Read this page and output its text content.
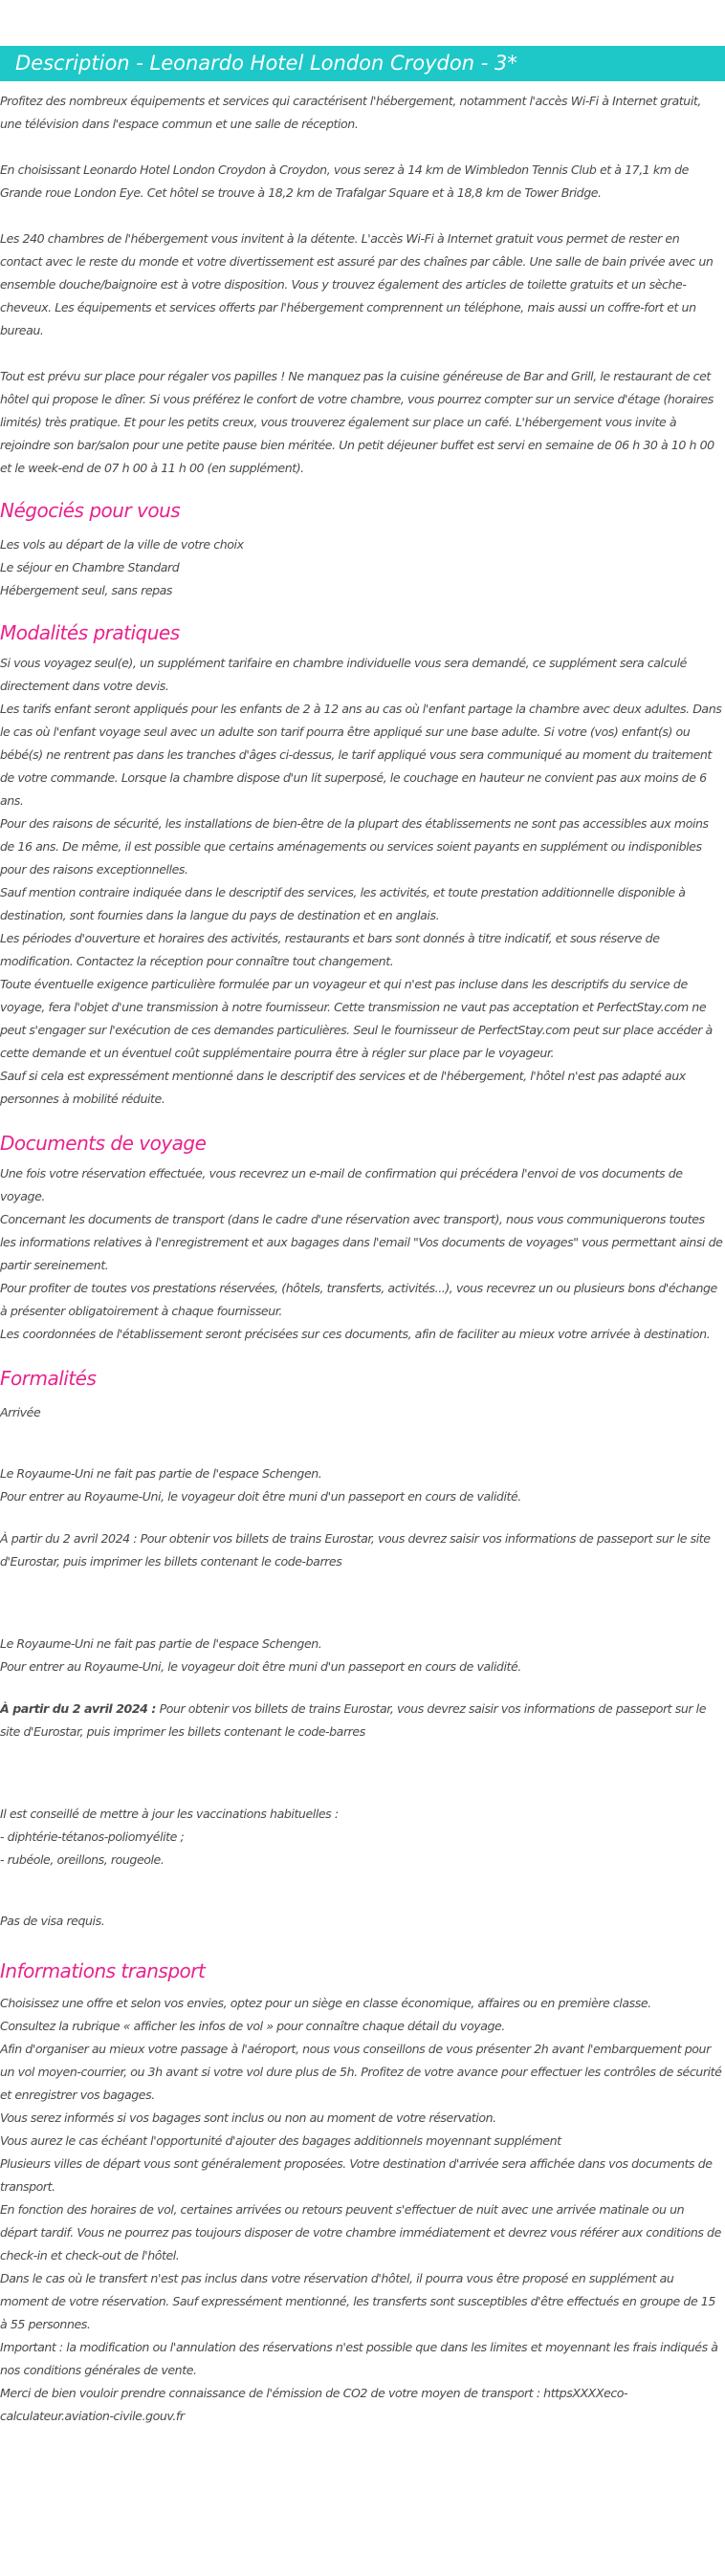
Description - Leonardo Hotel London Croydon - 3*

Profitez des nombreux équipements et services qui caractérisent l'hébergement, notamment l'accès Wi-Fi à Internet gratuit, une télévision dans l'espace commun et une salle de réception.

En choisissant Leonardo Hotel London Croydon à Croydon, vous serez à 14 km de Wimbledon Tennis Club et à 17,1 km de Grande roue London Eye. Cet hôtel se trouve à 18,2 km de Trafalgar Square et à 18,8 km de Tower Bridge.

Les 240 chambres de l'hébergement vous invitent à la détente. L'accès Wi-Fi à Internet gratuit vous permet de rester en contact avec le reste du monde et votre divertissement est assuré par des chaînes par câble. Une salle de bain privée avec un ensemble douche/baignoire est à votre disposition. Vous y trouvez également des articles de toilette gratuits et un sèche-cheveux. Les équipements et services offerts par l'hébergement comprennent un téléphone, mais aussi un coffre-fort et un bureau.

Tout est prévu sur place pour régaler vos papilles ! Ne manquez pas la cuisine généreuse de Bar and Grill, le restaurant de cet hôtel qui propose le dîner. Si vous préférez le confort de votre chambre, vous pourrez compter sur un service d'étage (horaires limités) très pratique. Et pour les petits creux, vous trouverez également sur place un café. L'hébergement vous invite à rejoindre son bar/salon pour une petite pause bien méritée. Un petit déjeuner buffet est servi en semaine de 06 h 30 à 10 h 00 et le week-end de 07 h 00 à 11 h 00 (en supplément).

Négociés pour vous

Les vols au départ de la ville de votre choix

Le séjour en Chambre Standard

Hébergement seul, sans repas

Modalités pratiques

Si vous voyagez seul(e), un supplément tarifaire en chambre individuelle vous sera demandé, ce supplément sera calculé directement dans votre devis.

Les tarifs enfant seront appliqués pour les enfants de 2 à 12 ans au cas où l'enfant partage la chambre avec deux adultes. Dans le cas où l'enfant voyage seul avec un adulte son tarif pourra être appliqué sur une base adulte. Si votre (vos) enfant(s) ou bébé(s) ne rentrent pas dans les tranches d'âges ci-dessus, le tarif appliqué vous sera communiqué au moment du traitement de votre commande. Lorsque la chambre dispose d'un lit superposé, le couchage en hauteur ne convient pas aux moins de 6 ans.

Pour des raisons de sécurité, les installations de bien-être de la plupart des établissements ne sont pas accessibles aux moins de 16 ans. De même, il est possible que certains aménagements ou services soient payants en supplément ou indisponibles pour des raisons exceptionnelles.

Sauf mention contraire indiquée dans le descriptif des services, les activités, et toute prestation additionnelle disponible à destination, sont fournies dans la langue du pays de destination et en anglais.

Les périodes d'ouverture et horaires des activités, restaurants et bars sont donnés à titre indicatif, et sous réserve de modification. Contactez la réception pour connaître tout changement.

Toute éventuelle exigence particulière formulée par un voyageur et qui n'est pas incluse dans les descriptifs du service de voyage, fera l'objet d'une transmission à notre fournisseur. Cette transmission ne vaut pas acceptation et PerfectStay.com ne peut s'engager sur l'exécution de ces demandes particulières. Seul le fournisseur de PerfectStay.com peut sur place accéder à cette demande et un éventuel coût supplémentaire pourra être à régler sur place par le voyageur.

Sauf si cela est expressément mentionné dans le descriptif des services et de l'hébergement, l'hôtel n'est pas adapté aux personnes à mobilité réduite.

Documents de voyage

Une fois votre réservation effectuée, vous recevrez un e-mail de confirmation qui précédera l'envoi de vos documents de voyage.

Concernant les documents de transport (dans le cadre d'une réservation avec transport), nous vous communiquerons toutes les informations relatives à l'enregistrement et aux bagages dans l'email "Vos documents de voyages" vous permettant ainsi de partir sereinement.

Pour profiter de toutes vos prestations réservées, (hôtels, transferts, activités...), vous recevrez un ou plusieurs bons d'échange à présenter obligatoirement à chaque fournisseur.

Les coordonnées de l'établissement seront précisées sur ces documents, afin de faciliter au mieux votre arrivée à destination.

Formalités

Arrivée

Le Royaume-Uni ne fait pas partie de l'espace Schengen.

Pour entrer au Royaume-Uni, le voyageur doit être muni d'un passeport en cours de validité.

À partir du 2 avril 2024 : Pour obtenir vos billets de trains Eurostar, vous devrez saisir vos informations de passeport sur le site d'Eurostar, puis imprimer les billets contenant le code-barres

Le Royaume-Uni ne fait pas partie de l'espace Schengen.

Pour entrer au Royaume-Uni, le voyageur doit être muni d'un passeport en cours de validité.

À partir du 2 avril 2024 : Pour obtenir vos billets de trains Eurostar, vous devrez saisir vos informations de passeport sur le site d'Eurostar, puis imprimer les billets contenant le code-barres

Il est conseillé de mettre à jour les vaccinations habituelles :

- diphtérie-tétanos-poliomyélite ;

- rubéole, oreillons, rougeole.

Pas de visa requis.

Informations transport

Choisissez une offre et selon vos envies, optez pour un siège en classe économique, affaires ou en première classe.

Consultez la rubrique « afficher les infos de vol » pour connaître chaque détail du voyage.

Afin d'organiser au mieux votre passage à l'aéroport, nous vous conseillons de vous présenter 2h avant l'embarquement pour un vol moyen-courrier, ou 3h avant si votre vol dure plus de 5h. Profitez de votre avance pour effectuer les contrôles de sécurité et enregistrer vos bagages.

Vous serez informés si vos bagages sont inclus ou non au moment de votre réservation.

Vous aurez le cas échéant l'opportunité d'ajouter des bagages additionnels moyennant supplément

Plusieurs villes de départ vous sont généralement proposées. Votre destination d'arrivée sera affichée dans vos documents de transport.

En fonction des horaires de vol, certaines arrivées ou retours peuvent s'effectuer de nuit avec une arrivée matinale ou un départ tardif. Vous ne pourrez pas toujours disposer de votre chambre immédiatement et devrez vous référer aux conditions de check-in et check-out de l'hôtel.

Dans le cas où le transfert n'est pas inclus dans votre réservation d'hôtel, il pourra vous être proposé en supplément au moment de votre réservation. Sauf expressément mentionné, les transferts sont susceptibles d'être effectués en groupe de 15 à 55 personnes.

Important : la modification ou l'annulation des réservations n'est possible que dans les limites et moyennant les frais indiqués à nos conditions générales de vente.

Merci de bien vouloir prendre connaissance de l'émission de CO2 de votre moyen de transport : httpsXXXXeco-calculateur.aviation-civile.gouv.fr
